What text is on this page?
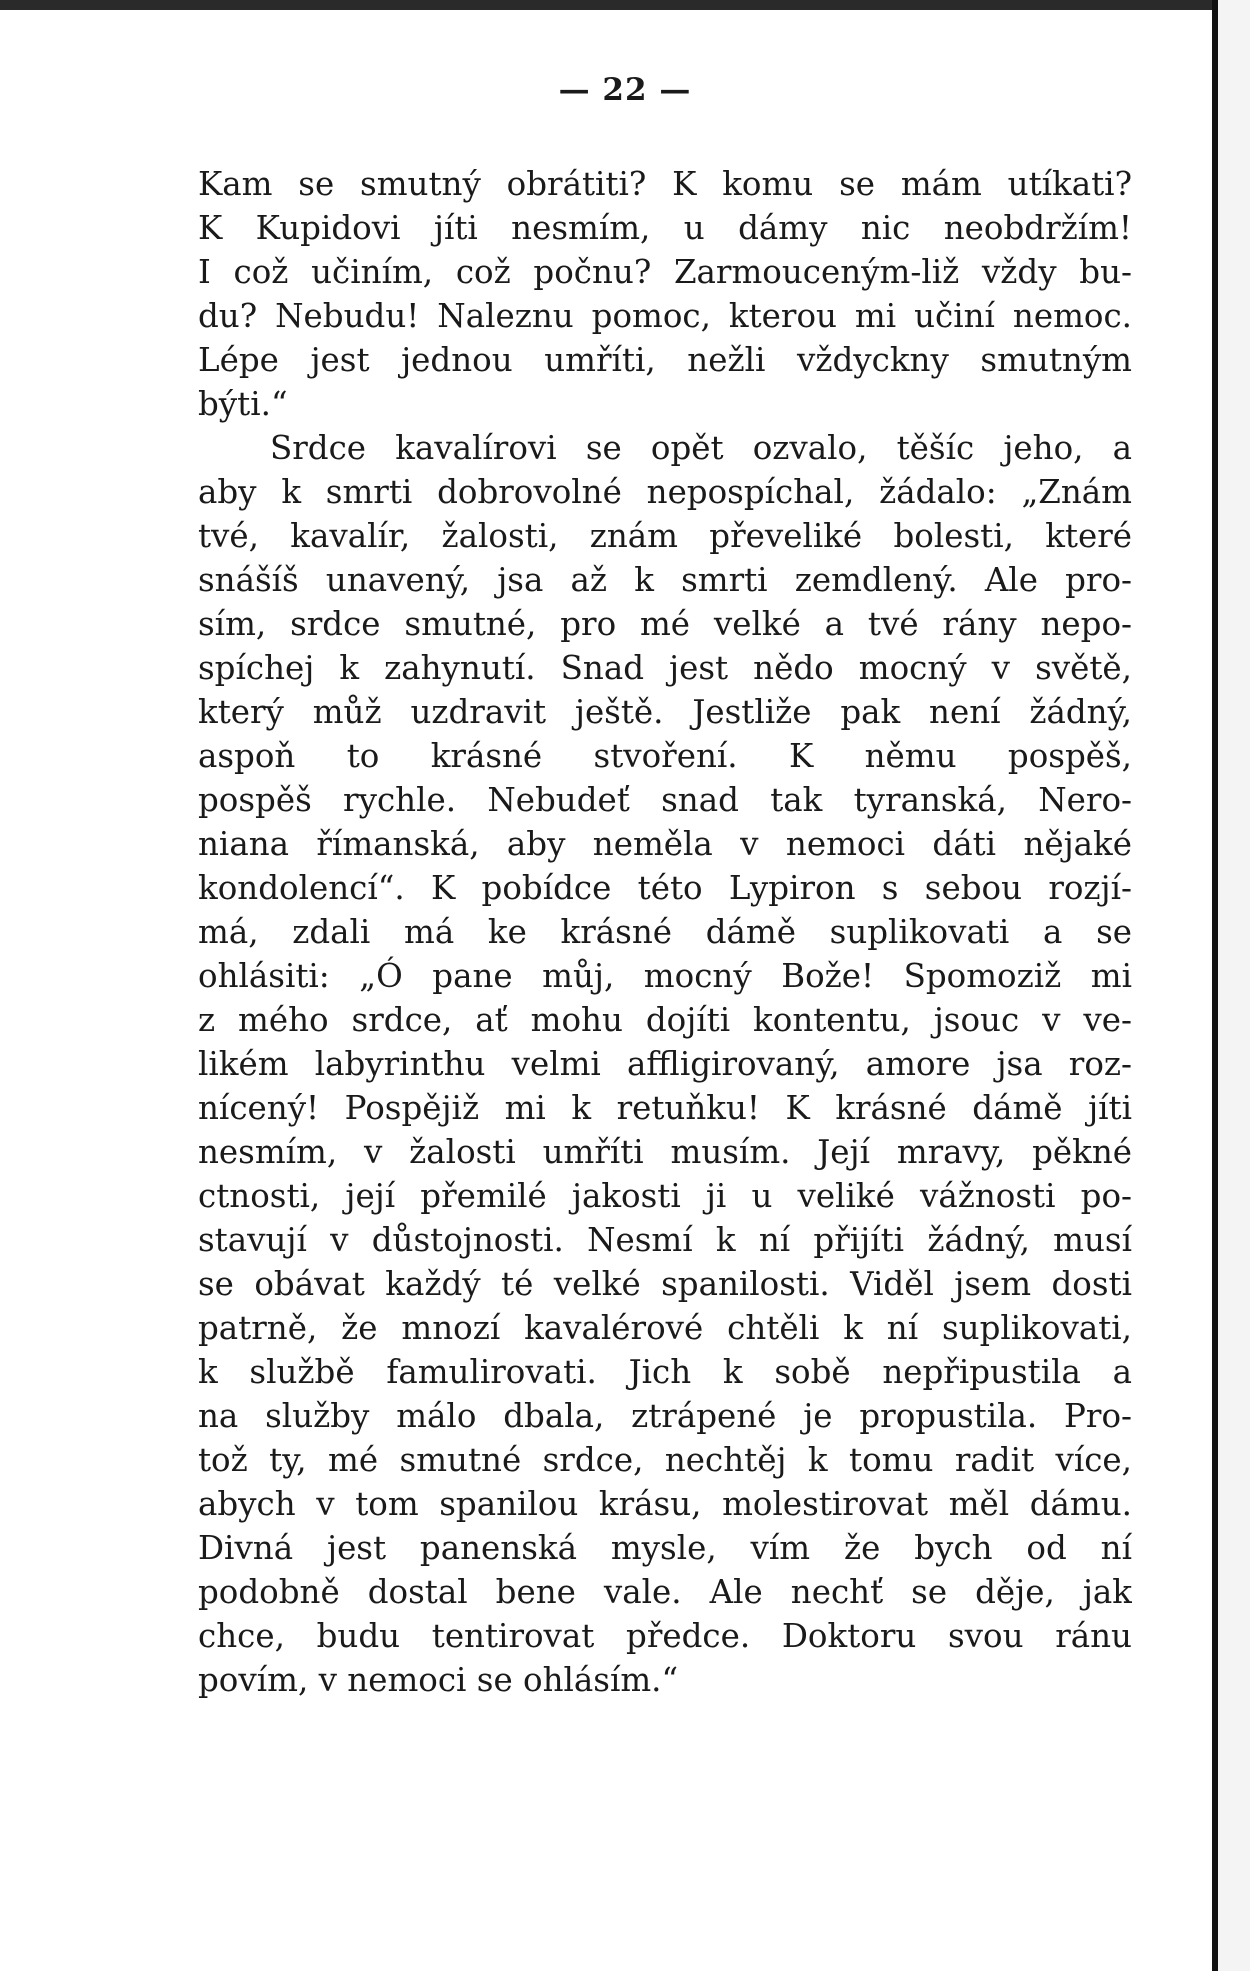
— 22 —

Kam se smutný obrátiti? K komu se mám utíkati?
K Kupidovi jíti nesmím, u dámy nic neobdržím!
I což učiním, což počnu? Zarmouceným-liž vždy bu-
du? Nebudu! Naleznu pomoc, kterou mi učiní nemoc.
Lépe jest jednou umříti, nežli vždyckny smutným
býti.“

Srdce kavalírovi se opět ozvalo, těšíc jeho, a
aby k smrti dobrovolné nepospíchal, žádalo: „Znám
tvé, kavalír, žalosti, znám převeliké bolesti, které
snášíš unavený, jsa až k smrti zemdlený. Ale pro-
sím, srdce smutné, pro mé velké a tvé rány nepo-
spíchej k zahynutí. Snad jest nědo mocný v světě,
který můž uzdravit ještě. Jestliže pak není žádný,
aspoň to krásné stvoření. K němu pospěš,
pospěš rychle. Nebudeť snad tak tyranská, Nero-
niana římanská, aby neměla v nemoci dáti nějaké
kondolencí“. K pobídce této Lypiron s sebou rozjí-
má, zdali má ke krásné dámě suplikovati a se
ohlásiti: „Ó pane můj, mocný Bože! Spomoziž mi
z mého srdce, ať mohu dojíti kontentu, jsouc v ve-
likém labyrinthu velmi affligirovaný, amore jsa roz-
nícený! Pospějiž mi k retuňku! K krásné dámě jíti
nesmím, v žalosti umříti musím. Její mravy, pěkné
ctnosti, její přemilé jakosti ji u veliké vážnosti po-
stavují v důstojnosti. Nesmí k ní přijíti žádný, musí
se obávat každý té velké spanilosti. Viděl jsem dosti
patrně, že mnozí kavalérové chtěli k ní suplikovati,
k službě famulirovati. Jich k sobě nepřipustila a
na služby málo dbala, ztrápené je propustila. Pro-
tož ty, mé smutné srdce, nechtěj k tomu radit více,
abych v tom spanilou krásu, molestirovat měl dámu.
Divná jest panenská mysle, vím že bych od ní
podobně dostal bene vale. Ale nechť se děje, jak
chce, budu tentirovat předce. Doktoru svou ránu
povím, v nemoci se ohlásím.“
